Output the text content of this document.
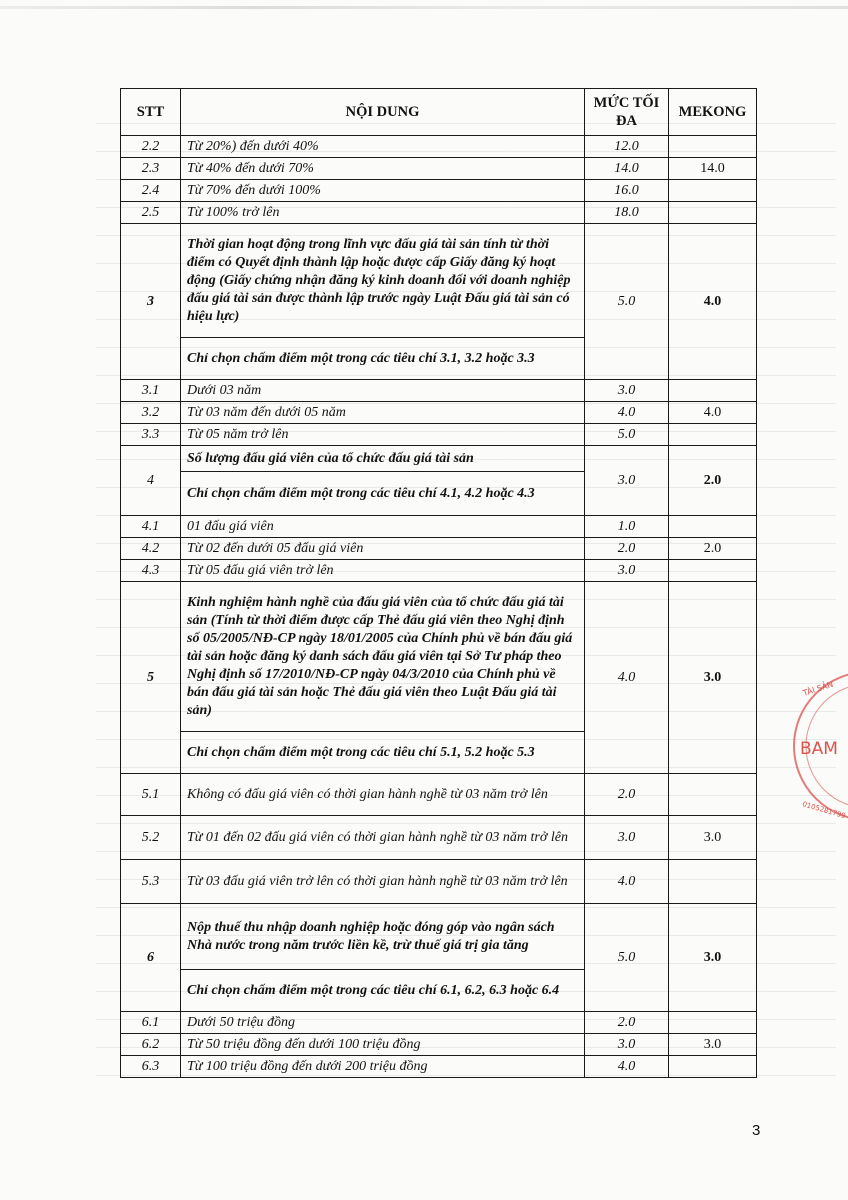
STT	NỘI DUNG	MỨC TỐI ĐA	MEKONG
2.2	Từ 20%) đến dưới 40%	12.0	
2.3	Từ 40% đến dưới 70%	14.0	14.0
2.4	Từ 70% đến dưới 100%	16.0	
2.5	Từ 100% trở lên	18.0	
3	Thời gian hoạt động trong lĩnh vực đấu giá tài sản tính từ thời điểm có Quyết định thành lập hoặc được cấp Giấy đăng ký hoạt động (Giấy chứng nhận đăng ký kinh doanh đối với doanh nghiệp đấu giá tài sản được thành lập trước ngày Luật Đấu giá tài sản có hiệu lực)	5.0	4.0
	Chỉ chọn chấm điểm một trong các tiêu chí 3.1, 3.2 hoặc 3.3		
3.1	Dưới 03 năm	3.0	
3.2	Từ 03 năm đến dưới 05 năm	4.0	4.0
3.3	Từ 05 năm trở lên	5.0	
4	Số lượng đấu giá viên của tổ chức đấu giá tài sản	3.0	2.0
	Chỉ chọn chấm điểm một trong các tiêu chí 4.1, 4.2 hoặc 4.3		
4.1	01 đấu giá viên	1.0	
4.2	Từ 02 đến dưới 05 đấu giá viên	2.0	2.0
4.3	Từ 05 đấu giá viên trở lên	3.0	
5	Kinh nghiệm hành nghề của đấu giá viên của tổ chức đấu giá tài sản (Tính từ thời điểm được cấp Thẻ đấu giá viên theo Nghị định số 05/2005/NĐ-CP ngày 18/01/2005 của Chính phủ về bán đấu giá tài sản hoặc đăng ký danh sách đấu giá viên tại Sở Tư pháp theo Nghị định số 17/2010/NĐ-CP ngày 04/3/2010 của Chính phủ về bán đấu giá tài sản hoặc Thẻ đấu giá viên theo Luật Đấu giá tài sản)	4.0	3.0
	Chỉ chọn chấm điểm một trong các tiêu chí 5.1, 5.2 hoặc 5.3		
5.1	Không có đấu giá viên có thời gian hành nghề từ 03 năm trở lên	2.0	
5.2	Từ 01 đến 02 đấu giá viên có thời gian hành nghề từ 03 năm trở lên	3.0	3.0
5.3	Từ 03 đấu giá viên trở lên có thời gian hành nghề từ 03 năm trở lên	4.0	
6	Nộp thuế thu nhập doanh nghiệp hoặc đóng góp vào ngân sách Nhà nước trong năm trước liền kề, trừ thuế giá trị gia tăng	5.0	3.0
	Chỉ chọn chấm điểm một trong các tiêu chí 6.1, 6.2, 6.3 hoặc 6.4		
6.1	Dưới 50 triệu đồng	2.0	
6.2	Từ 50 triệu đồng đến dưới 100 triệu đồng	3.0	3.0
6.3	Từ 100 triệu đồng đến dưới 200 triệu đồng	4.0	
3
TÀI SẢN
BAM
0105281799
